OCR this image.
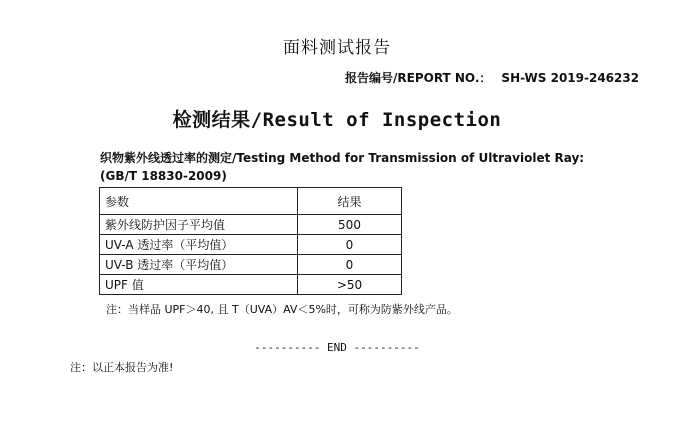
面料测试报告
报告编号/REPORT NO.： SH-WS 2019-246232
检测结果/Result of Inspection
织物紫外线透过率的测定/Testing Method for Transmission of Ultraviolet Ray:(GB/T 18830-2009)
参数	结果
紫外线防护因子平均值	500
UV-A 透过率（平均值）	0
UV-B 透过率（平均值）	0
UPF 值	>50
注：当样品 UPF＞40, 且 T（UVA）AV＜5%时，可称为防紫外线产品。
---------- END ----------
注：以正本报告为准!
